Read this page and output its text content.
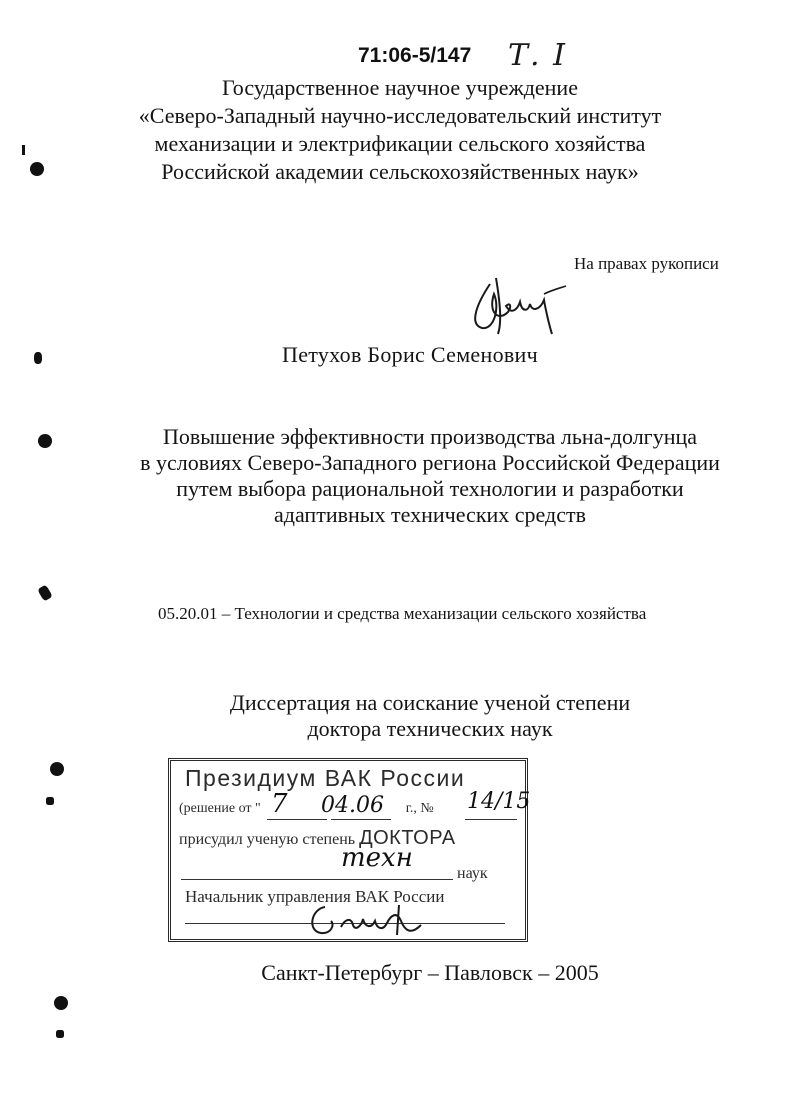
71:06-5/147 Т. I
Государственное научное учреждение
«Северо-Западный научно-исследовательский институт
механизации и электрификации сельского хозяйства
Российской академии сельскохозяйственных наук»
На правах рукописи
Петухов Борис Семенович
Повышение эффективности производства льна-долгунца
в условиях Северо-Западного региона Российской Федерации
путем выбора рациональной технологии и разработки
адаптивных технических средств
05.20.01 – Технологии и средства механизации сельского хозяйства
Диссертация на соискание ученой степени
доктора технических наук
Президиум ВАК России
(решение от "	г., №
7 04.06	14/15
присудил ученую степень ДОКТОРА
техн
наук
Начальник управления ВАК России
Санкт-Петербург – Павловск – 2005
